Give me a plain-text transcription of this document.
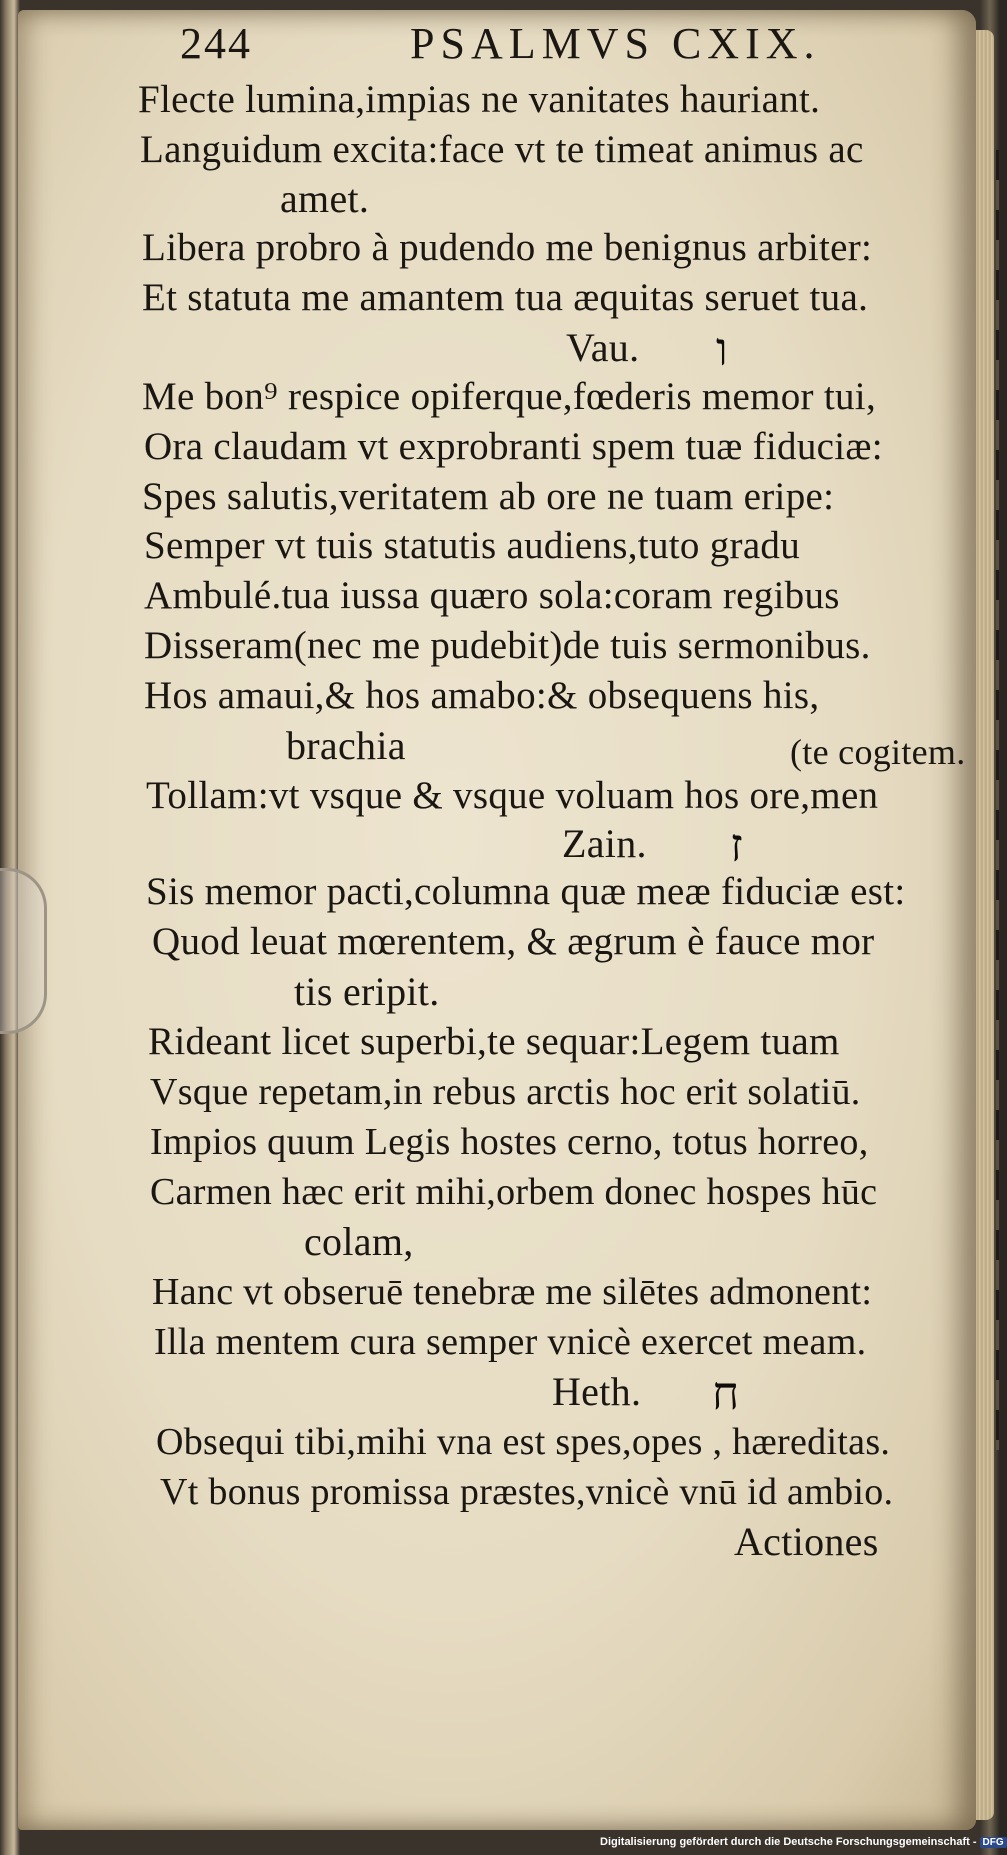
244	PSALMVS CXIX.
Flecte lumina,impias ne vanitates hauriant.
Languidum excita:face vt te timeat animus ac
amet.
Libera probro à pudendo me benignus arbiter:
Et statuta me amantem tua æquitas seruet tua.
Vau. ו
Me bon⁹ respice opiferque,fœderis memor tui,
Ora claudam vt exprobranti spem tuæ fiduciæ:
Spes salutis,veritatem ab ore ne tuam eripe:
Semper vt tuis statutis audiens,tuto gradu
Ambulé.tua iussa quæro sola:coram regibus
Disseram(nec me pudebit)de tuis sermonibus.
Hos amaui,& hos amabo:& obsequens his,
brachia	(te cogitem.
Tollam:vt vsque & vsque voluam hos ore,men
Zain. ז
Sis memor pacti,columna quæ meæ fiduciæ est:
Quod leuat mœrentem, & ægrum è fauce mor
tis eripit.
Rideant licet superbi,te sequar:Legem tuam
Vsque repetam,in rebus arctis hoc erit solatiū.
Impios quum Legis hostes cerno, totus horreo,
Carmen hæc erit mihi,orbem donec hospes hūc
colam,
Hanc vt obseruē tenebræ me silētes admonent:
Illa mentem cura semper vnicè exercet meam.
Heth. ח
Obsequi tibi,mihi vna est spes,opes , hæreditas.
Vt bonus promissa præstes,vnicè vnū id ambio.
Actiones
Digitalisierung gefördert durch die Deutsche Forschungsgemeinschaft - DFG
